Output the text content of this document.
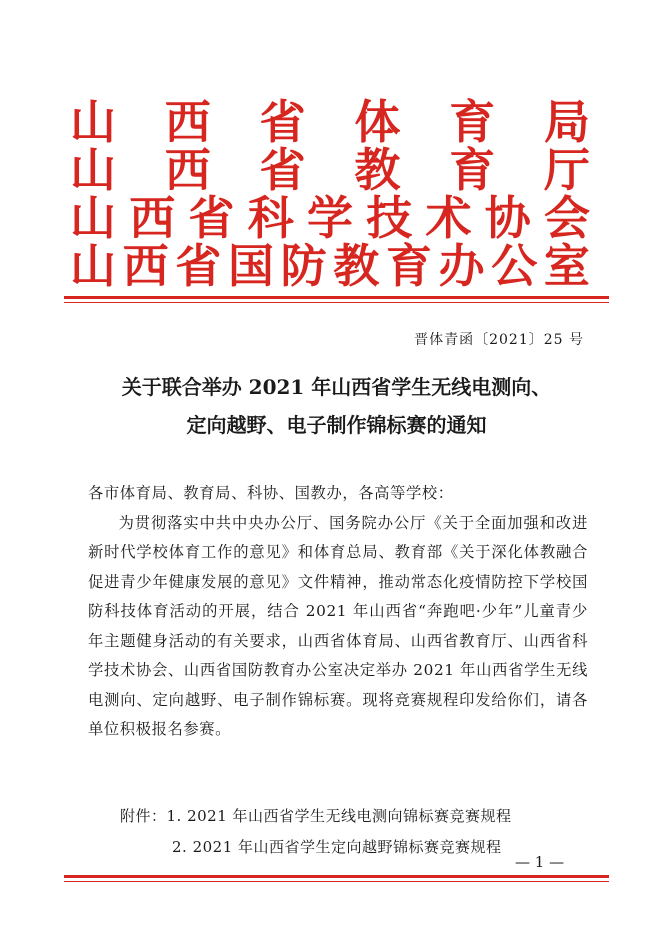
山 西 省 体 育 局
山 西 省 教 育 厅
山 西 省 科 学 技 术 协 会
山 西 省 国 防 教 育 办 公 室
晋体青函〔2021〕25 号
关于联合举办 2021 年山西省学生无线电测向、
定向越野、电子制作锦标赛的通知

各市体育局、教育局、科协、国教办，各高等学校：

为贯彻落实中共中央办公厅、国务院办公厅《关于全面加强和改进新时代学校体育工作的意见》和体育总局、教育部《关于深化体教融合 促进青少年健康发展的意见》文件精神，推动常态化疫情防控下学校国防科技体育活动的开展，结合 2021 年山西省“奔跑吧·少年”儿童青少年主题健身活动的有关要求，山西省体育局、山西省教育厅、山西省科学技术协会、山西省国防教育办公室决定举办 2021 年山西省学生无线电测向、定向越野、电子制作锦标赛。现将竞赛规程印发给你们，请各单位积极报名参赛。

附件：1. 2021 年山西省学生无线电测向锦标赛竞赛规程
2. 2021 年山西省学生定向越野锦标赛竞赛规程
— 1 —
